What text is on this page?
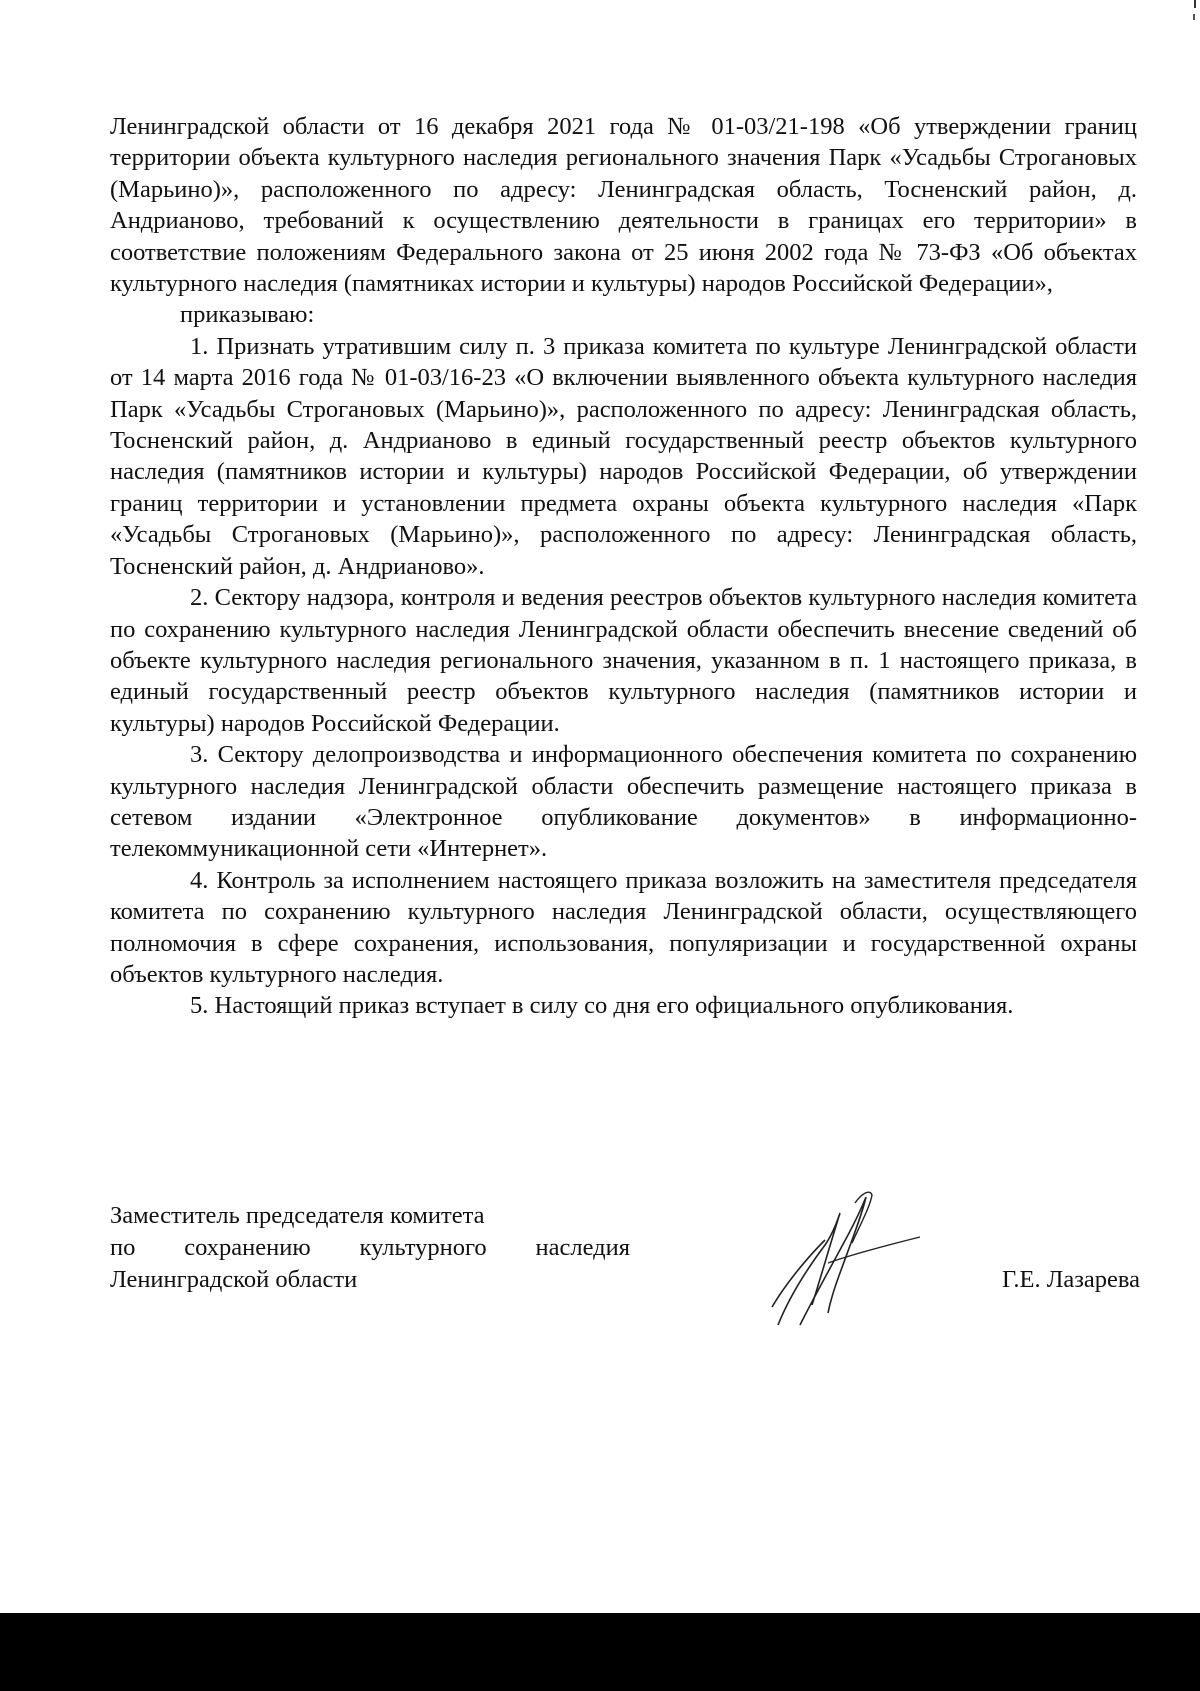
Ленинградской области от 16 декабря 2021 года № 01-03/21-198 «Об утверждении границ территории объекта культурного наследия регионального значения Парк «Усадьбы Строгановых (Марьино)», расположенного по адресу: Ленинградская область, Тосненский район, д. Андрианово, требований к осуществлению деятельности в границах его территории» в соответствие положениям Федерального закона от 25 июня 2002 года № 73-ФЗ «Об объектах культурного наследия (памятниках истории и культуры) народов Российской Федерации»,

приказываю:

1. Признать утратившим силу п. 3 приказа комитета по культуре Ленинградской области от 14 марта 2016 года № 01-03/16-23 «О включении выявленного объекта культурного наследия Парк «Усадьбы Строгановых (Марьино)», расположенного по адресу: Ленинградская область, Тосненский район, д. Андрианово в единый государственный реестр объектов культурного наследия (памятников истории и культуры) народов Российской Федерации, об утверждении границ территории и установлении предмета охраны объекта культурного наследия «Парк «Усадьбы Строгановых (Марьино)», расположенного по адресу: Ленинградская область, Тосненский район, д. Андрианово».

2. Сектору надзора, контроля и ведения реестров объектов культурного наследия комитета по сохранению культурного наследия Ленинградской области обеспечить внесение сведений об объекте культурного наследия регионального значения, указанном в п. 1 настоящего приказа, в единый государственный реестр объектов культурного наследия (памятников истории и культуры) народов Российской Федерации.

3. Сектору делопроизводства и информационного обеспечения комитета по сохранению культурного наследия Ленинградской области обеспечить размещение настоящего приказа в сетевом издании «Электронное опубликование документов» в информационно-телекоммуникационной сети «Интернет».

4. Контроль за исполнением настоящего приказа возложить на заместителя председателя комитета по сохранению культурного наследия Ленинградской области, осуществляющего полномочия в сфере сохранения, использования, популяризации и государственной охраны объектов культурного наследия.

5. Настоящий приказ вступает в силу со дня его официального опубликования.

Заместитель председателя комитета
по сохранению культурного наследия
Ленинградской области	Г.Е. Лазарева
